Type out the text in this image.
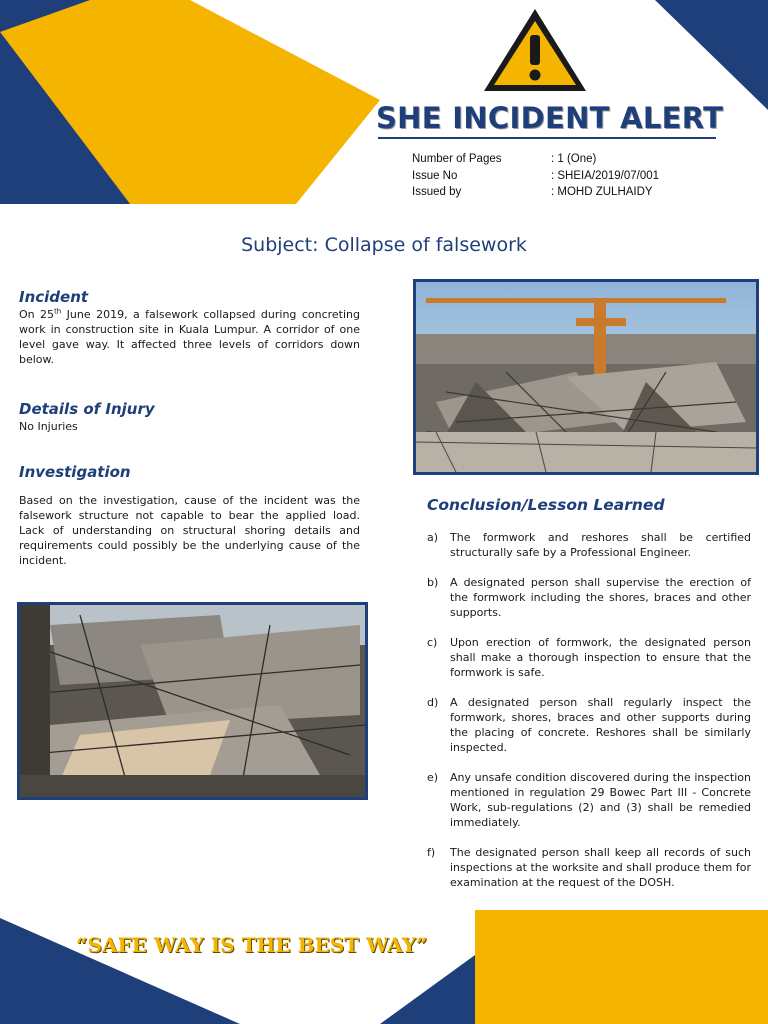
SHE INCIDENT ALERT
Number of Pages	: 1 (One)
Issue No	: SHEIA/2019/07/001
Issued by	: MOHD ZULHAIDY
Subject: Collapse of falsework
Incident
On 25th June 2019, a falsework collapsed during concreting work in construction site in Kuala Lumpur. A corridor of one level gave way. It affected three levels of corridors down below.
Details of Injury
No Injuries
Investigation
Based on the investigation, cause of the incident was the falsework structure not capable to bear the applied load. Lack of understanding on structural shoring details and requirements could possibly be the underlying cause of the incident.
Conclusion/Lesson Learned
a)	The formwork and reshores shall be certified structurally safe by a Professional Engineer.
b)	A designated person shall supervise the erection of the formwork including the shores, braces and other supports.
c)	Upon erection of formwork, the designated person shall make a thorough inspection to ensure that the formwork is safe.
d)	A designated person shall regularly inspect the formwork, shores, braces and other supports during the placing of concrete. Reshores shall be similarly inspected.
e)	Any unsafe condition discovered during the inspection mentioned in regulation 29 Bowec Part III - Concrete Work, sub-regulations (2) and (3) shall be remedied immediately.
f)	The designated person shall keep all records of such inspections at the worksite and shall produce them for examination at the request of the DOSH.
“SAFE WAY IS THE BEST WAY”
